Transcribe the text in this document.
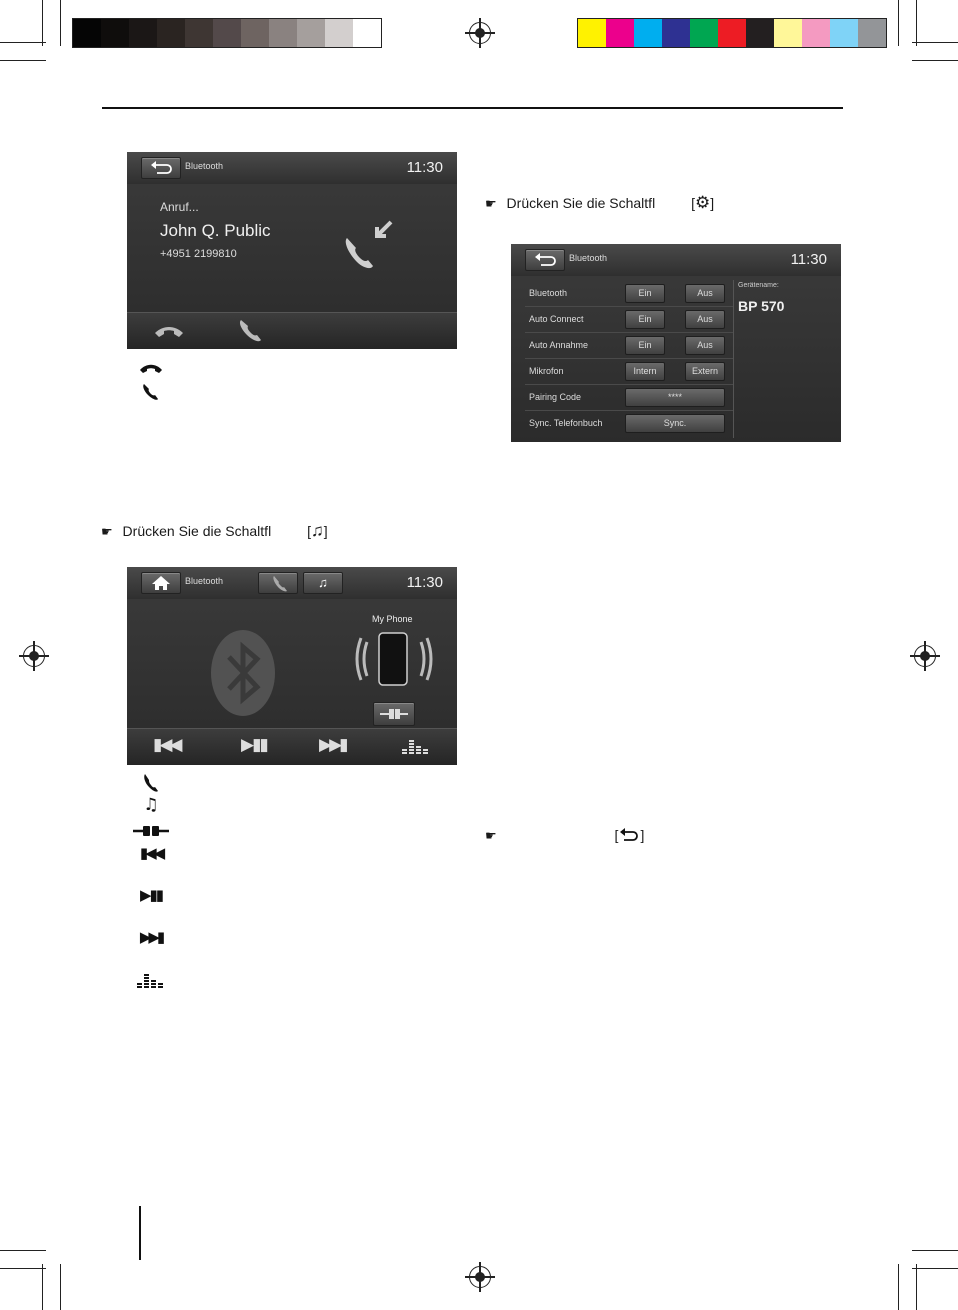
Bluetooth	11:30
Anruf...
John Q. Public
+4951 2199810
☛ Drücken Sie die Schaltfl	[♫]
Bluetooth	♫	11:30
My Phone
▮◀◀	▶▮▮	▶▶▮
♫
▮◀◀
▶▮▮
▶▶▮
☛ Drücken Sie die Schaltfl	[⚙]
Bluetooth	11:30
Bluetooth	Ein	Aus
Auto Connect	Ein	Aus
Auto Annahme	Ein	Aus
Mikrofon	Intern	Extern
Pairing Code	****
Sync. Telefonbuch	Sync.
Gerätename:
BP 570
☛	[ ]
